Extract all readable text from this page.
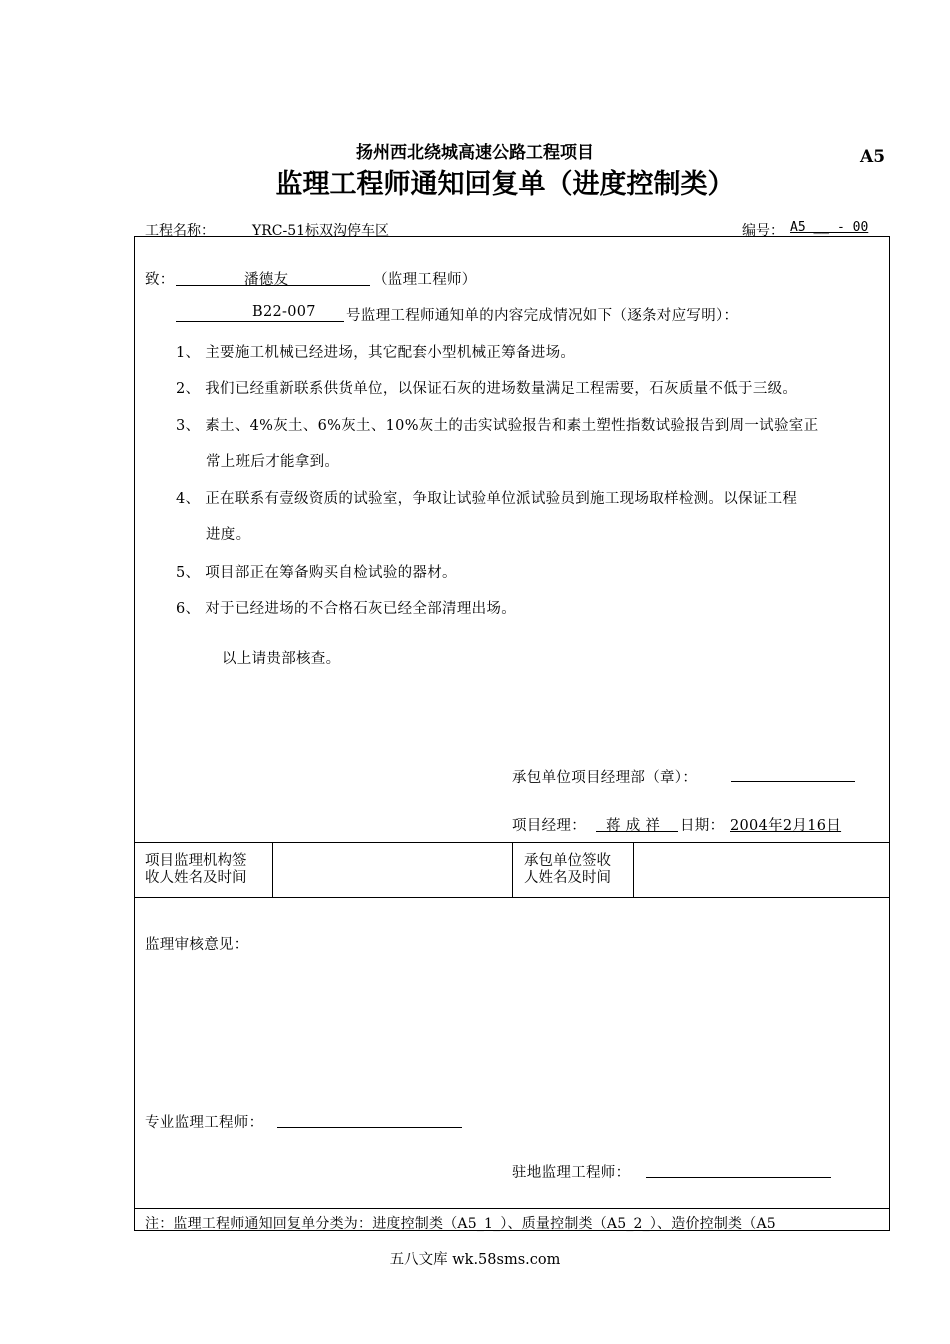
扬州西北绕城高速公路工程项目	A5
监理工程师通知回复单（进度控制类）
工程名称：	YRC-51标双沟停车区	编号： A5 __ - 00
致：	潘德友	（监理工程师）
B22-007 号监理工程师通知单的内容完成情况如下（逐条对应写明）：
1、 主要施工机械已经进场，其它配套小型机械正筹备进场。
2、 我们已经重新联系供货单位，以保证石灰的进场数量满足工程需要，石灰质量不低于三级。
3、 素土、4%灰土、6%灰土、10%灰土的击实试验报告和素土塑性指数试验报告到周一试验室正
常上班后才能拿到。
4、 正在联系有壹级资质的试验室，争取让试验单位派试验员到施工现场取样检测。以保证工程
进度。
5、 项目部正在筹备购买自检试验的器材。
6、 对于已经进场的不合格石灰已经全部清理出场。
以上请贵部核查。
承包单位项目经理部（章）：
项目经理： 蒋 成 祥 日期： 2004年2月16日
项目监理机构签
收人姓名及时间
承包单位签收
人姓名及时间
监理审核意见：
专业监理工程师：
驻地监理工程师：
注：监理工程师通知回复单分类为：进度控制类（A5_1_）、质量控制类（A5_2_）、造价控制类（A5
五八文库 wk.58sms.com
